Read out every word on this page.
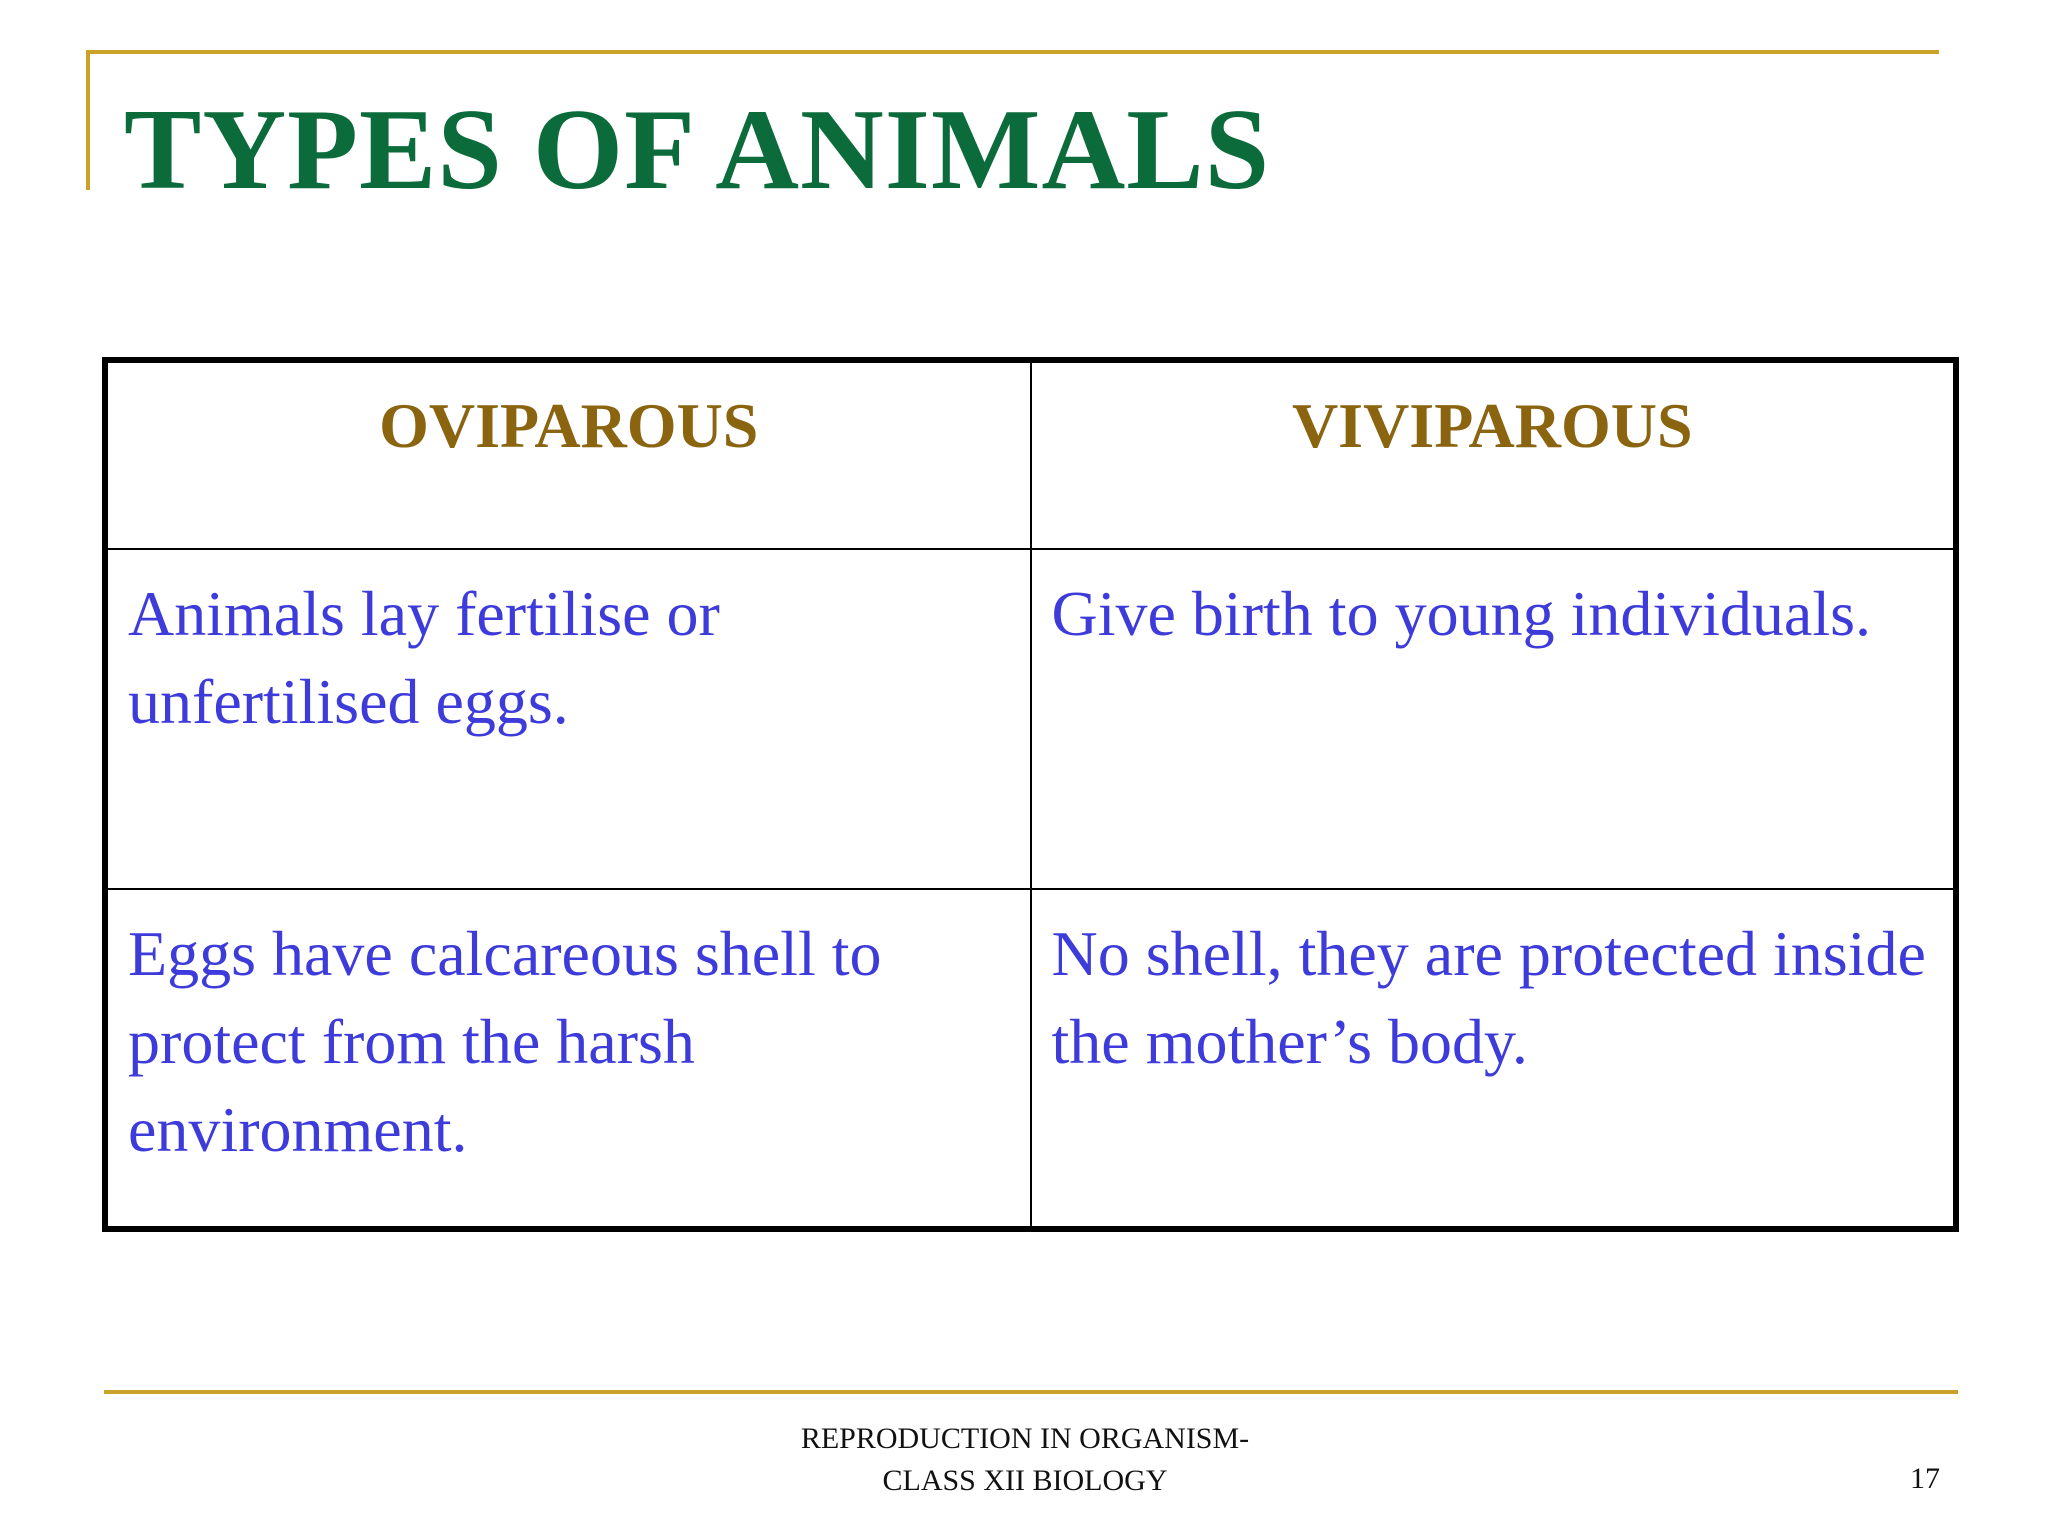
TYPES OF ANIMALS
OVIPAROUS	VIVIPAROUS
Animals lay fertilise or unfertilised eggs.	Give birth to young individuals.
Eggs have calcareous shell to protect from the harsh environment.	No shell, they are protected inside the mother’s body.
REPRODUCTION IN ORGANISM-
CLASS XII BIOLOGY	17
